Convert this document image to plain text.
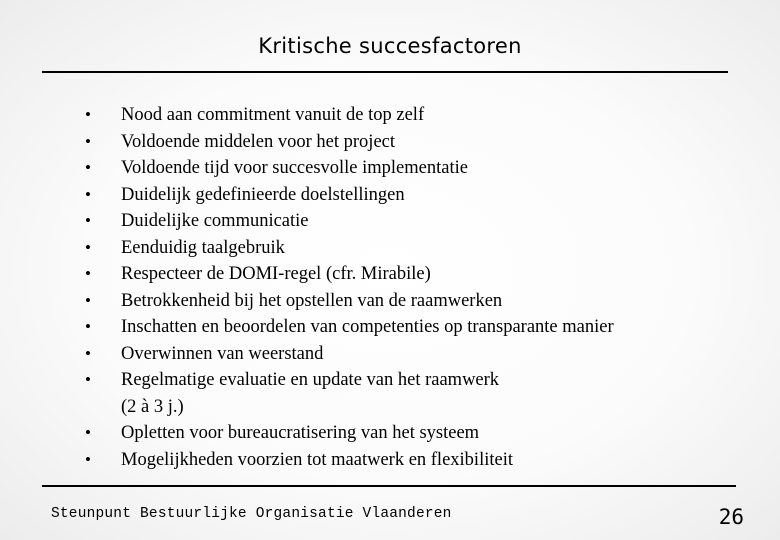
Kritische succesfactoren
• Nood aan commitment vanuit de top zelf
• Voldoende middelen voor het project
• Voldoende tijd voor succesvolle implementatie
• Duidelijk gedefinieerde doelstellingen
• Duidelijke communicatie
• Eenduidig taalgebruik
• Respecteer de DOMI-regel (cfr. Mirabile)
• Betrokkenheid bij het opstellen van de raamwerken
• Inschatten en beoordelen van competenties op transparante manier
• Overwinnen van weerstand
• Regelmatige evaluatie en update van het raamwerk
(2 à 3 j.)
• Opletten voor bureaucratisering van het systeem
• Mogelijkheden voorzien tot maatwerk en flexibiliteit
Steunpunt Bestuurlijke Organisatie Vlaanderen	26
